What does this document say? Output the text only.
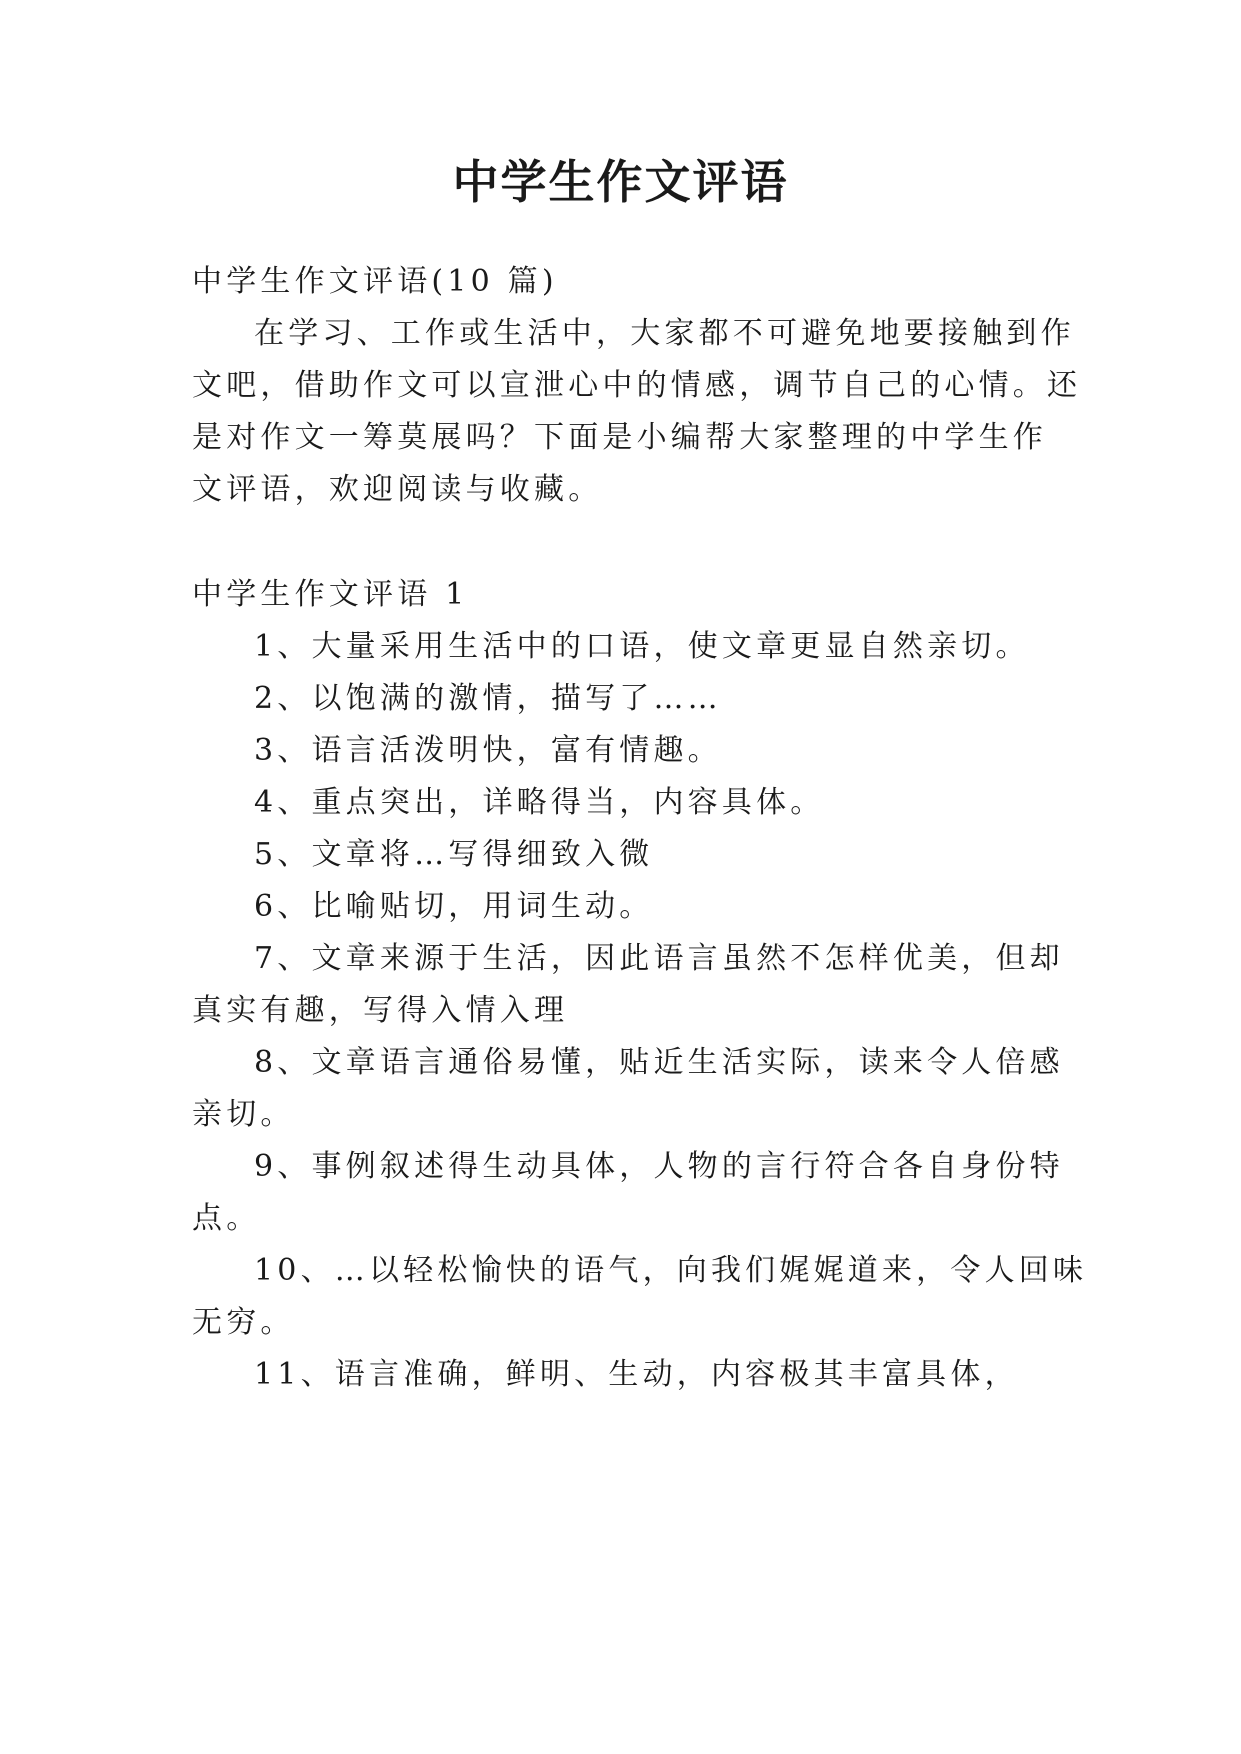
中学生作文评语
中学生作文评语(10 篇)
在学习、工作或生活中，大家都不可避免地要接触到作
文吧，借助作文可以宣泄心中的情感，调节自己的心情。还
是对作文一筹莫展吗？下面是小编帮大家整理的中学生作
文评语，欢迎阅读与收藏。
中学生作文评语 1
1、大量采用生活中的口语，使文章更显自然亲切。
2、以饱满的激情，描写了……
3、语言活泼明快，富有情趣。
4、重点突出，详略得当，内容具体。
5、文章将…写得细致入微
6、比喻贴切，用词生动。
7、文章来源于生活，因此语言虽然不怎样优美，但却
真实有趣，写得入情入理
8、文章语言通俗易懂，贴近生活实际，读来令人倍感
亲切。
9、事例叙述得生动具体，人物的言行符合各自身份特
点。
10、…以轻松愉快的语气，向我们娓娓道来，令人回味
无穷。
11、语言准确，鲜明、生动，内容极其丰富具体，
